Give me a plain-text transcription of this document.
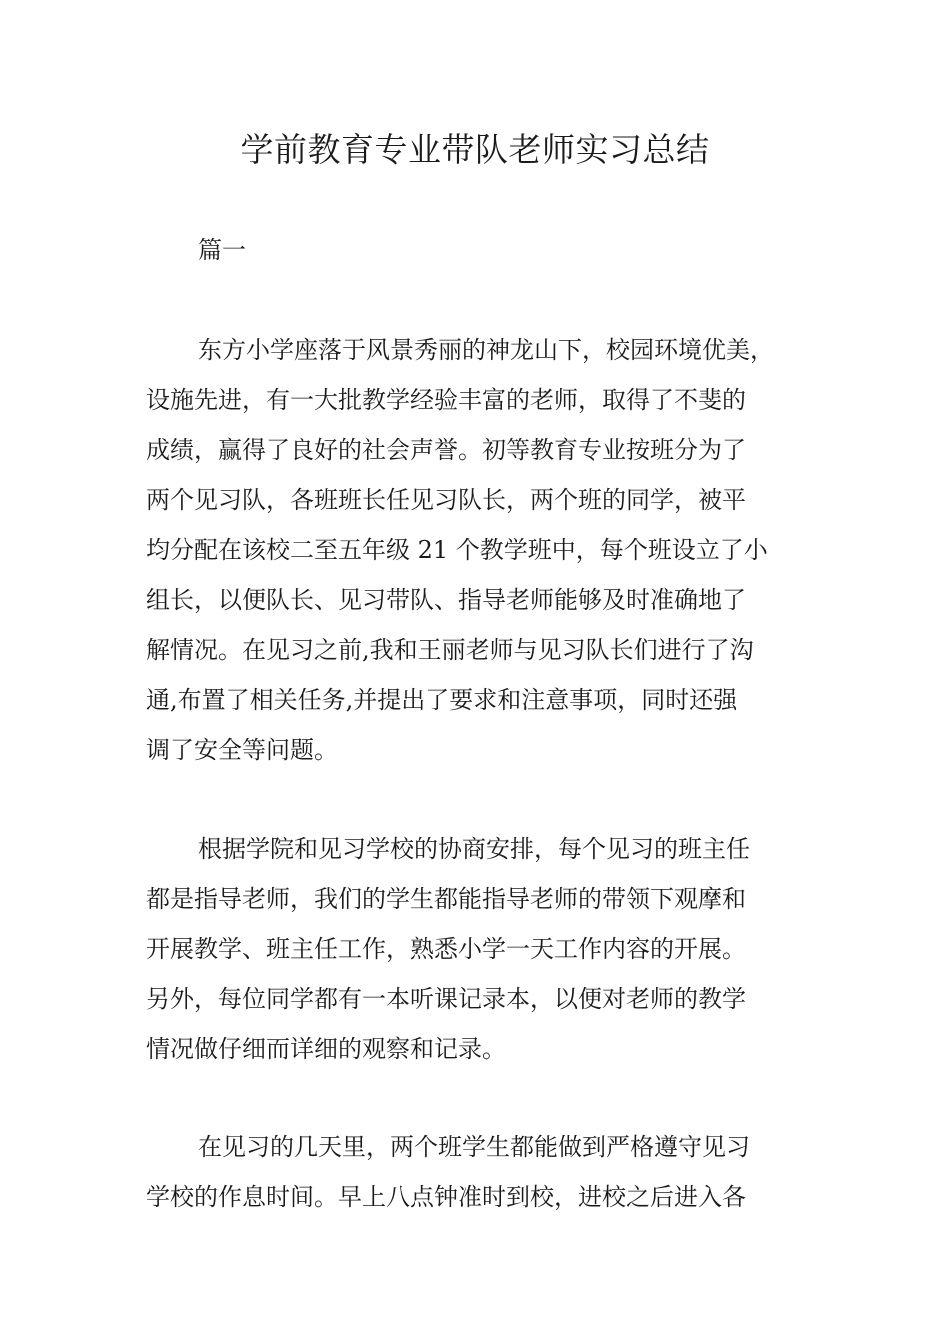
学前教育专业带队老师实习总结
篇一
东方小学座落于风景秀丽的神龙山下，校园环境优美，
设施先进，有一大批教学经验丰富的老师，取得了不斐的
成绩，赢得了良好的社会声誉。初等教育专业按班分为了
两个见习队，各班班长任见习队长，两个班的同学，被平
均分配在该校二至五年级 21 个教学班中，每个班设立了小
组长，以便队长、见习带队、指导老师能够及时准确地了
解情况。在见习之前,我和王丽老师与见习队长们进行了沟
通,布置了相关任务,并提出了要求和注意事项，同时还强
调了安全等问题。
根据学院和见习学校的协商安排，每个见习的班主任
都是指导老师，我们的学生都能指导老师的带领下观摩和
开展教学、班主任工作，熟悉小学一天工作内容的开展。
另外，每位同学都有一本听课记录本，以便对老师的教学
情况做仔细而详细的观察和记录。
在见习的几天里，两个班学生都能做到严格遵守见习
学校的作息时间。早上八点钟准时到校，进校之后进入各
